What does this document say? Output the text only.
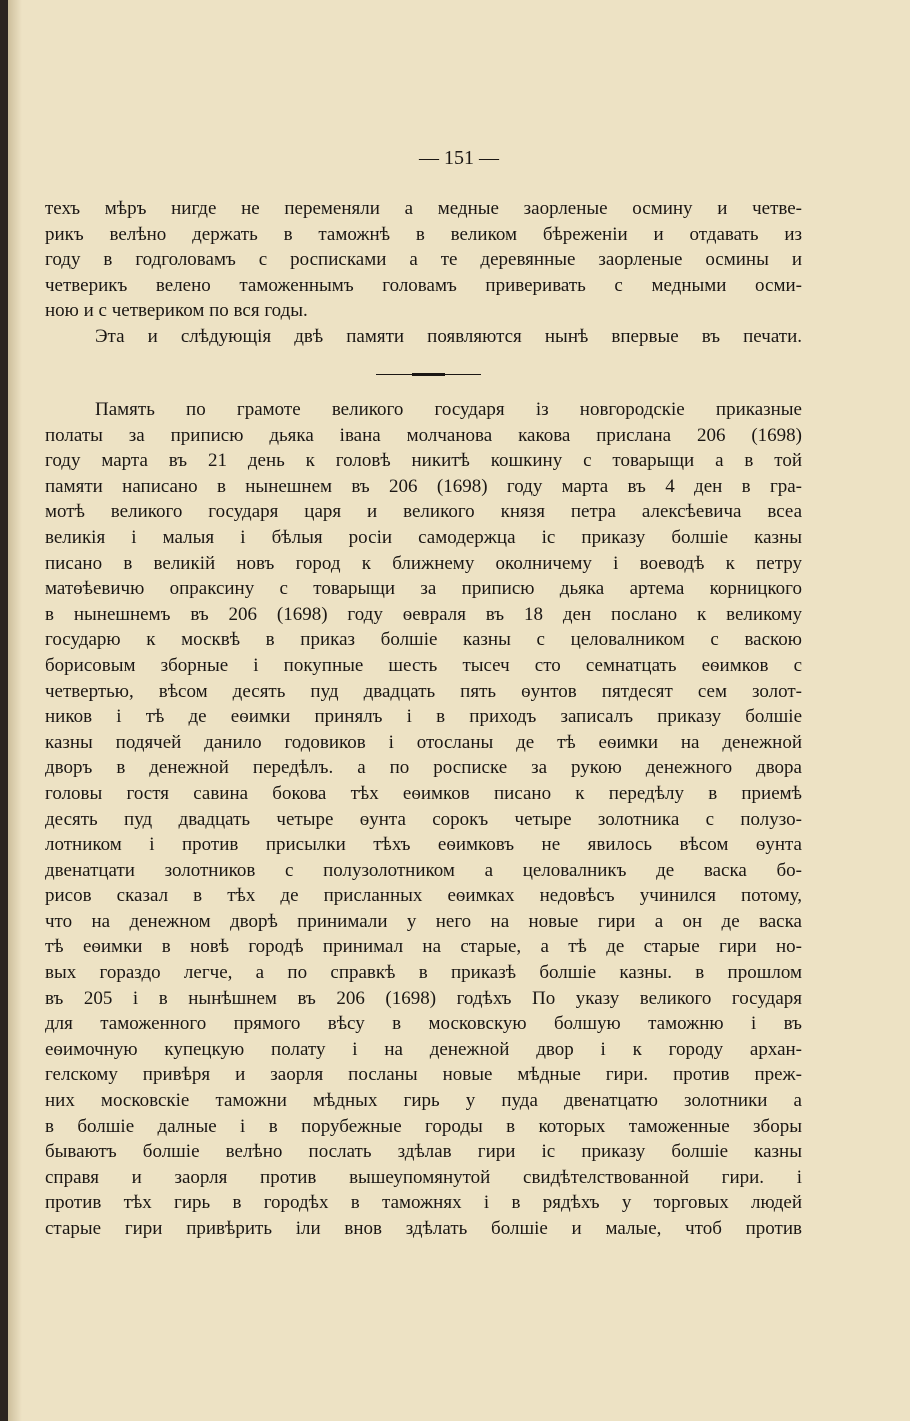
— 151 —
техъ мѣръ нигде не переменяли а медные заорленые осмину и четве-
рикъ велѣно держать в таможнѣ в великом бѣреженіи и отдавать из
году в годголовамъ с росписками а те деревянные заорленые осмины и
четверикъ велено таможеннымъ головамъ приверивать с медными осми-
ною и с четвериком по вся годы.
Эта и слѣдующія двѣ памяти появляются нынѣ впервые въ печати.
Память по грамоте великого государя із новгородскіе приказные
полаты за приписю дьяка івана молчанова какова прислана 206 (1698)
году марта въ 21 день к головѣ никитѣ кошкину с товарыщи а в той
памяти написано в нынешнем въ 206 (1698) году марта въ 4 ден в гра-
мотѣ великого государя царя и великого князя петра алексѣевича всеа
великія і малыя і бѣлыя росіи самодержца іс приказу болшіе казны
писано в великій новъ город к ближнему околничему і воеводѣ к петру
матѳѣевичю опраксину с товарыщи за приписю дьяка артема корницкого
в нынешнемъ въ 206 (1698) году ѳевраля въ 18 ден послано к великому
государю к москвѣ в приказ болшіе казны с целовалником с васкою
борисовым зборные і покупные шесть тысеч сто семнатцать еѳимков с
четвертью, вѣсом десять пуд двадцать пять ѳунтов пятдесят сем золот-
ников і тѣ де еѳимки принялъ і в приходъ записалъ приказу болшіе
казны подячей данило годовиков і отосланы де тѣ еѳимки на денежной
дворъ в денежной передѣлъ. а по росписке за рукою денежного двора
головы гостя савина бокова тѣх еѳимков писано к передѣлу в приемѣ
десять пуд двадцать четыре ѳунта сорокъ четыре золотника с полузо-
лотником і против присылки тѣхъ еѳимковъ не явилось вѣсом ѳунта
двенатцати золотников с полузолотником а целовалникъ де васка бо-
рисов сказал в тѣх де присланных еѳимках недовѣсъ учинился потому,
что на денежном дворѣ принимали у него на новые гири а он де васка
тѣ еѳимки в новѣ городѣ принимал на старые, а тѣ де старые гири но-
вых гораздо легче, а по справкѣ в приказѣ болшіе казны. в прошлом
въ 205 і в нынѣшнем въ 206 (1698) годѣхъ По указу великого государя
для таможенного прямого вѣсу в московскую болшую таможню і въ
еѳимочную купецкую полату і на денежной двор і к городу архан-
гелскому привѣря и заорля посланы новые мѣдные гири. против преж-
них московскіе таможни мѣдных гирь у пуда двенатцатю золотники а
в болшіе далные і в порубежные городы в которых таможенные зборы
бываютъ болшіе велѣно послать здѣлав гири іс приказу болшіе казны
справя и заорля против вышеупомянутой свидѣтелствованной гири. і
против тѣх гирь в городѣх в таможнях і в рядѣхъ у торговых людей
старые гири привѣрить іли внов здѣлать болшіе и малые, чтоб против
